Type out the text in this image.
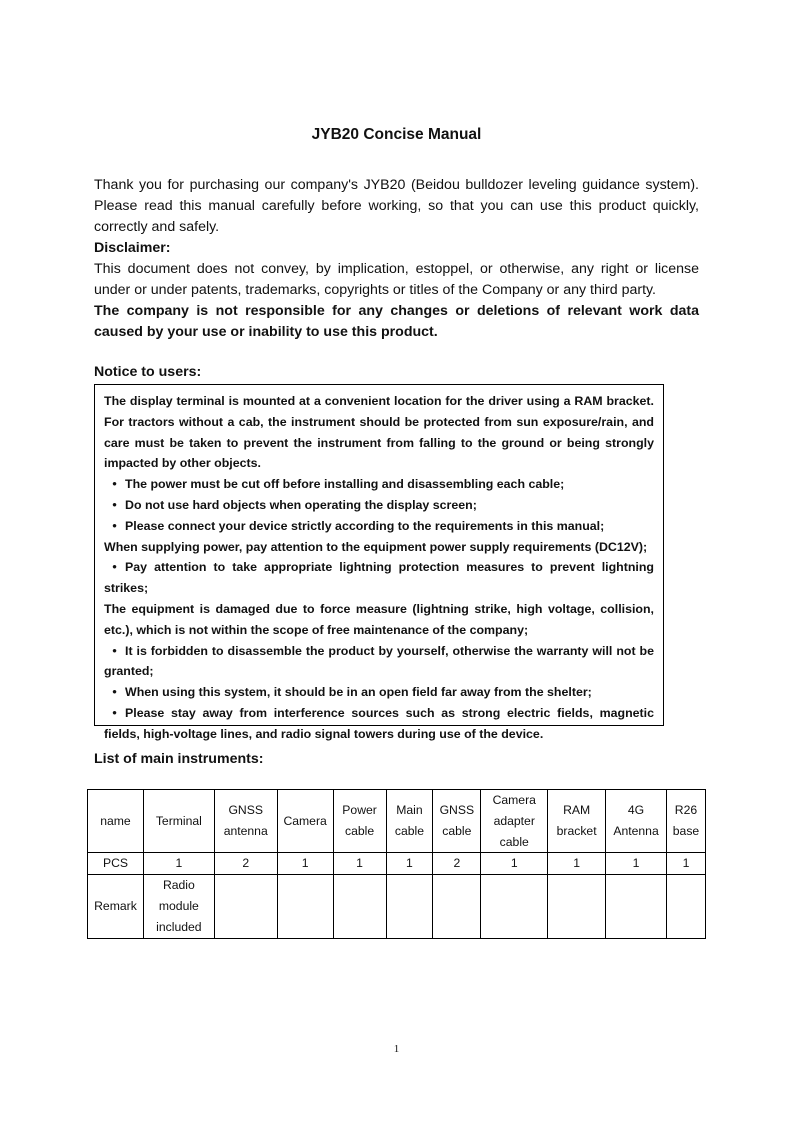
JYB20 Concise Manual

Thank you for purchasing our company's JYB20 (Beidou bulldozer leveling guidance system). Please read this manual carefully before working, so that you can use this product quickly, correctly and safely.

Disclaimer:

This document does not convey, by implication, estoppel, or otherwise, any right or license under or under patents, trademarks, copyrights or titles of the Company or any third party.

The company is not responsible for any changes or deletions of relevant work data caused by your use or inability to use this product.

Notice to users:

The display terminal is mounted at a convenient location for the driver using a RAM bracket. For tractors without a cab, the instrument should be protected from sun exposure/rain, and care must be taken to prevent the instrument from falling to the ground or being strongly impacted by other objects.

• The power must be cut off before installing and disassembling each cable;

• Do not use hard objects when operating the display screen;

• Please connect your device strictly according to the requirements in this manual;

When supplying power, pay attention to the equipment power supply requirements (DC12V);

• Pay attention to take appropriate lightning protection measures to prevent lightning strikes;

The equipment is damaged due to force measure (lightning strike, high voltage, collision, etc.), which is not within the scope of free maintenance of the company;

• It is forbidden to disassemble the product by yourself, otherwise the warranty will not be granted;

• When using this system, it should be in an open field far away from the shelter;

• Please stay away from interference sources such as strong electric fields, magnetic fields, high-voltage lines, and radio signal towers during use of the device.

List of main instruments:
name	Terminal	GNSS antenna	Camera	Power cable	Main cable	GNSS cable	Camera adapter cable	RAM bracket	4G Antenna	R26 base
PCS	1	2	1	1	1	2	1	1	1	1
Remark	Radio module included									
1
